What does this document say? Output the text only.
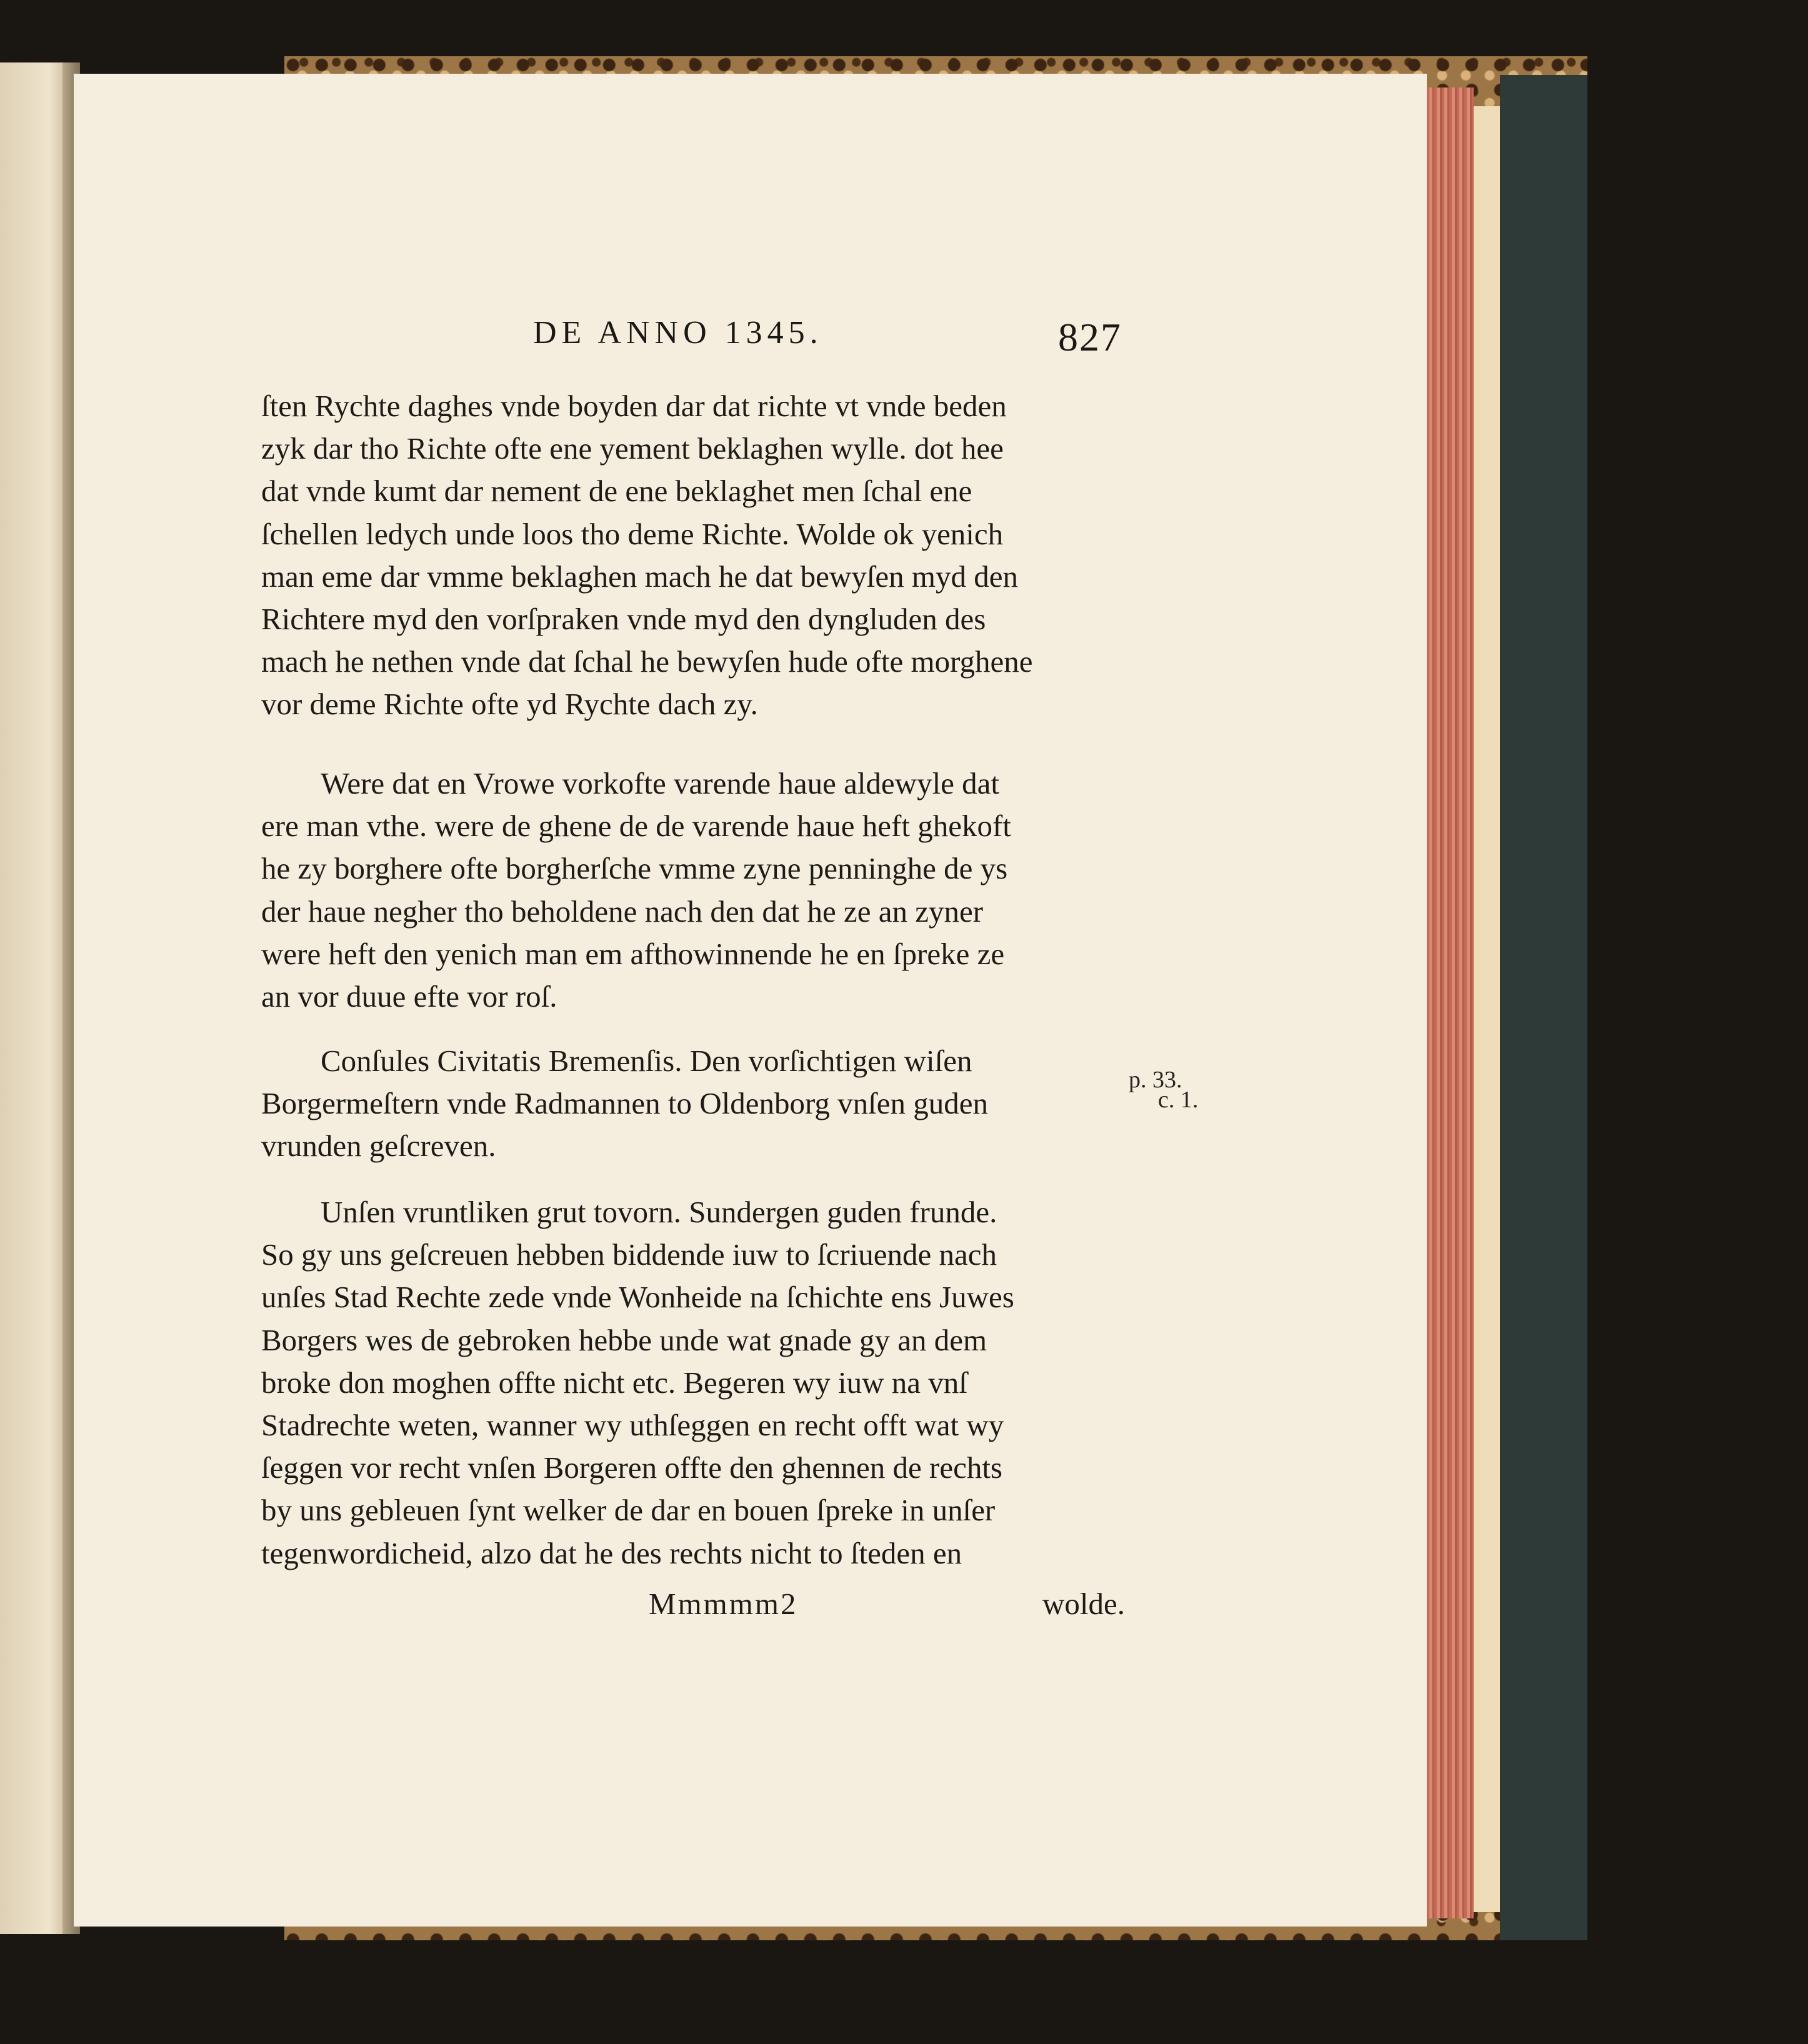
DE ANNO 1345.	827
ſten Rychte daghes vnde boyden dar dat richte vt vnde beden
zyk dar tho Richte ofte ene yement beklaghen wylle. dot hee
dat vnde kumt dar nement de ene beklaghet men ſchal ene
ſchellen ledych unde loos tho deme Richte. Wolde ok yenich
man eme dar vmme beklaghen mach he dat bewyſen myd den
Richtere myd den vorſpraken vnde myd den dyngluden des
mach he nethen vnde dat ſchal he bewyſen hude ofte morghene
vor deme Richte ofte yd Rychte dach zy.
Were dat en Vrowe vorkofte varende haue aldewyle dat
ere man vthe. were de ghene de de varende haue heft ghekoft
he zy borghere ofte borgherſche vmme zyne penninghe de ys
der haue negher tho beholdene nach den dat he ze an zyner
were heft den yenich man em afthowinnende he en ſpreke ze
an vor duue efte vor roſ.
Conſules Civitatis Bremenſis. Den vorſichtigen wiſen
Borgermeſtern vnde Radmannen to Oldenborg vnſen guden
vrunden geſcreven.
Unſen vruntliken grut tovorn. Sundergen guden frunde.
So gy uns geſcreuen hebben biddende iuw to ſcriuende nach
unſes Stad Rechte zede vnde Wonheide na ſchichte ens Juwes
Borgers wes de gebroken hebbe unde wat gnade gy an dem
broke don moghen offte nicht etc. Begeren wy iuw na vnſ
Stadrechte weten, wanner wy uthſeggen en recht offt wat wy
ſeggen vor recht vnſen Borgeren offte den ghennen de rechts
by uns gebleuen ſynt welker de dar en bouen ſpreke in unſer
tegenwordicheid, alzo dat he des rechts nicht to ſteden en
p. 33.
c. 1.
Mmmmm2	wolde.
